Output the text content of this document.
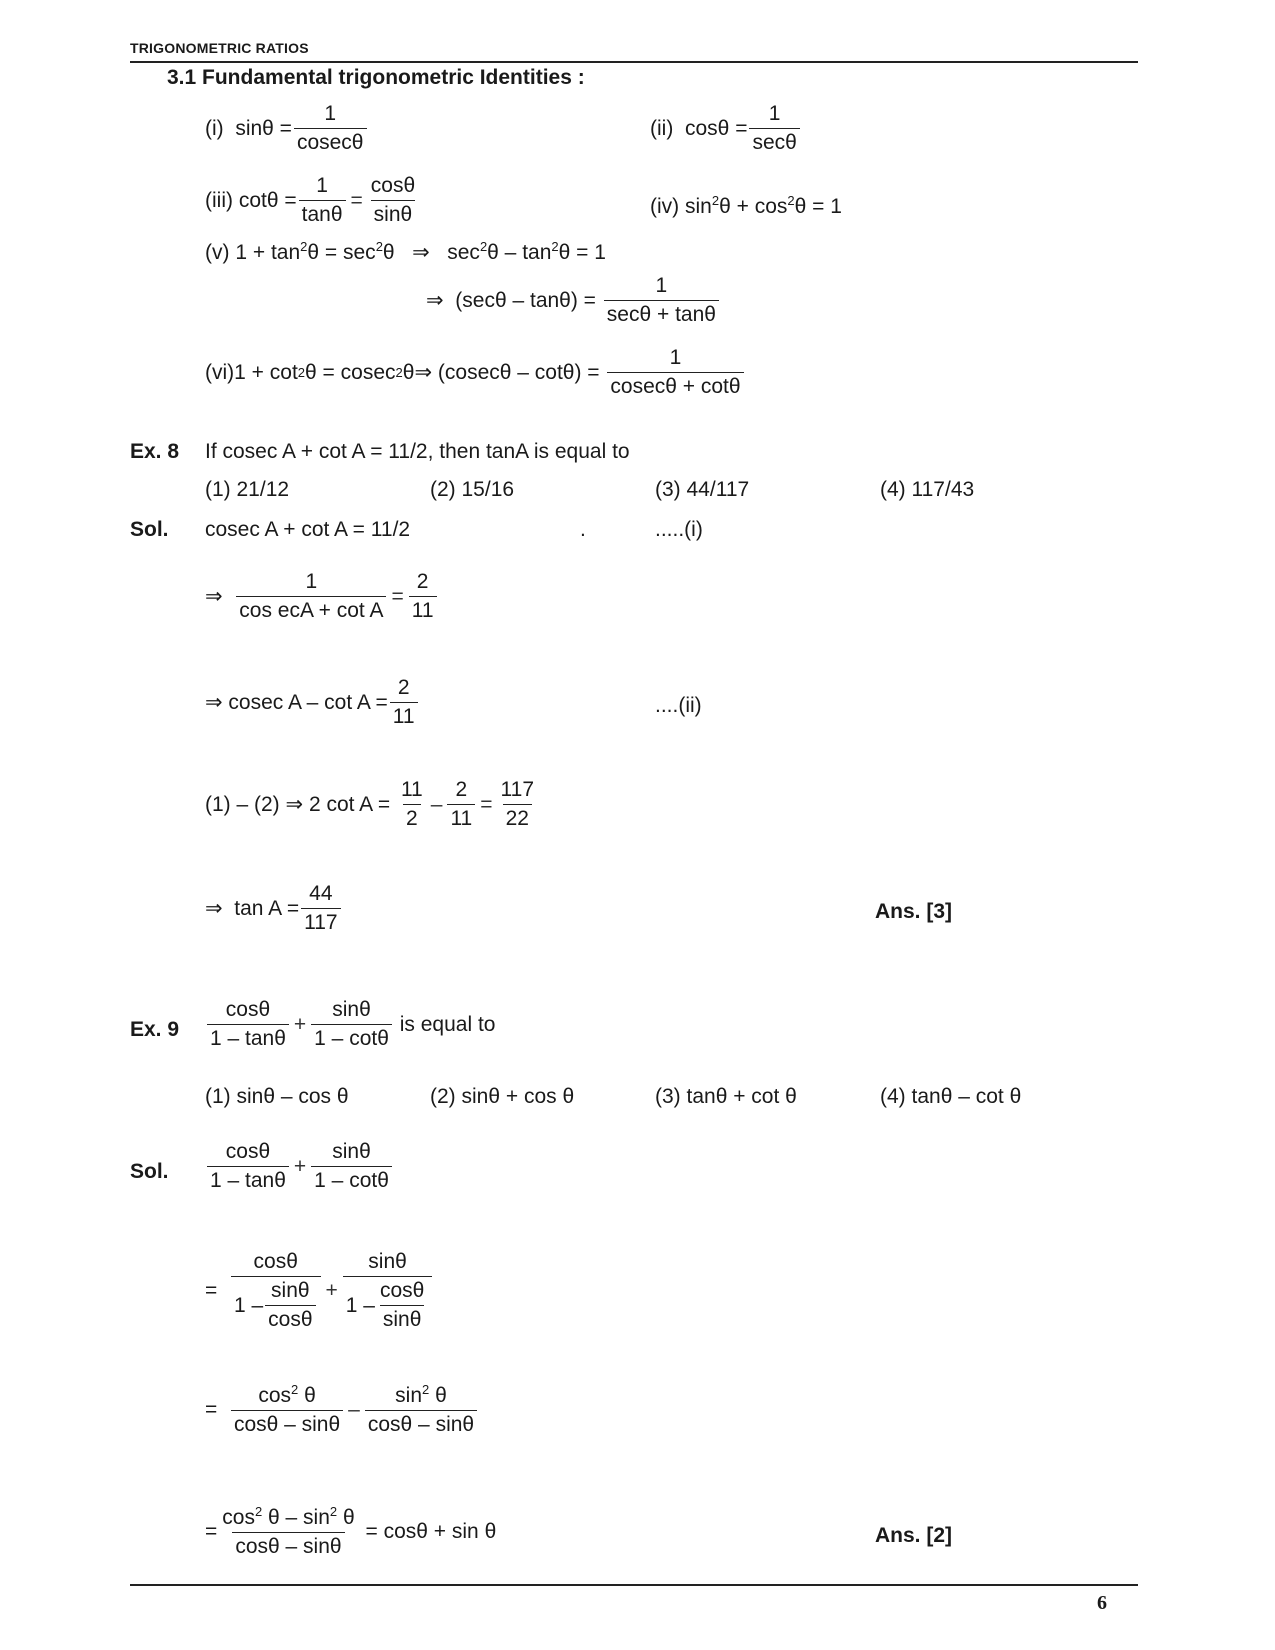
TRIGONOMETRIC RATIOS
3.1 Fundamental trigonometric Identities :
(i)
$\sin\theta = \frac{1}{cosec\theta}$	(ii)
$\cos\theta = \frac{1}{\sec\theta}$
(iii)
$\cot\theta = \frac{1}{\tan\theta} = \frac{\cos\theta}{\sin\theta}$	(iv) $\sin^2\theta + \cos^2\theta = 1$
(v) $1 + \tan^2\theta = \sec^2\theta$ ⇒ $\sec^2\theta - \tan^2\theta = 1$
⇒
(secθ – tanθ) =
$\frac{1}{\sec\theta + \tan\theta}$
(vi) 1 + cot 2 θ = cosec 2 θ ⇒
(cosecθ – cotθ) =
$\frac{1}{cosec\theta + \cot\theta}$
Ex. 8 If cosec A + cot A = 11/2, then tanA is equal to
(1) 21/12	(2) 15/16	(3) 44/117	(4) 117/43
Sol. cosec A + cot A = 11/2	.	.....(i)
⇒
$\frac{1}{\text{cos ecA + cot A}} = \frac{2}{11}$
⇒ cosec $A - \cot A = \frac{2}{11}$	....(ii)
(1) – (2) ⇒ 2 cot A =
$\frac{11}{2} - \frac{2}{11} = \frac{117}{22}$
⇒
$\tan A = \frac{44}{117}$	Ans. [3]
Ex. $9 \frac{\cos\theta}{1 - \tan\theta} + \frac{\sin\theta}{1 - \cot\theta}$
is equal to
(1) sinθ – cos θ	(2) sinθ + cos θ	(3) tanθ + cot θ	(4) tanθ – cot θ
Sol. $\frac{\cos\theta}{1 - \tan\theta} + \frac{\sin\theta}{1 - \cot\theta}$
=
$\frac{\cos\theta}{1 - \frac{\sin\theta}{\cos\theta}} + \frac{\sin\theta}{1 - \frac{\cos\theta}{\sin\theta}}$
=
$\frac{\cos^2 \theta}{\cos\theta - \sin\theta} - \frac{\sin^2 \theta}{\cos\theta - \sin\theta}$
= $\frac{\cos^2 \theta - \sin^2 \theta}{\cos\theta - \sin\theta}$
= cosθ + sin θ	Ans. [2]
6
